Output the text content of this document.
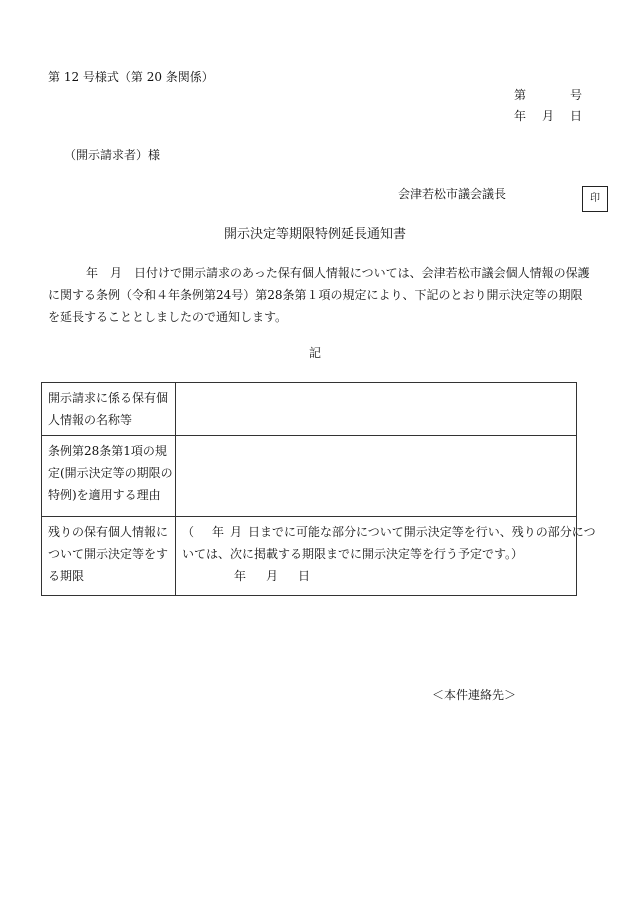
第 12 号様式（第 20 条関係）
第	号
年 月 日
（開示請求者）様
会津若松市議会議長	印
開示決定等期限特例延長通知書
年 月 日付けで開示請求のあった保有個人情報については、会津若松市議会個人情報の保護
に関する条例（令和４年条例第24号）第28条第１項の規定により、下記のとおり開示決定等の期限
を延長することとしましたので通知します。
記
開示請求に係る保有個
人情報の名称等	

条例第28条第1項の規
定(開示決定等の期限の
特例)を適用する理由	

残りの保有個人情報に
ついて開示決定等をす
る期限	（ 年 月 日までに可能な部分について開示決定等を行い、残りの部分につ
いては、次に掲載する期限までに開示決定等を行う予定です。）
年 月 日
＜本件連絡先＞
